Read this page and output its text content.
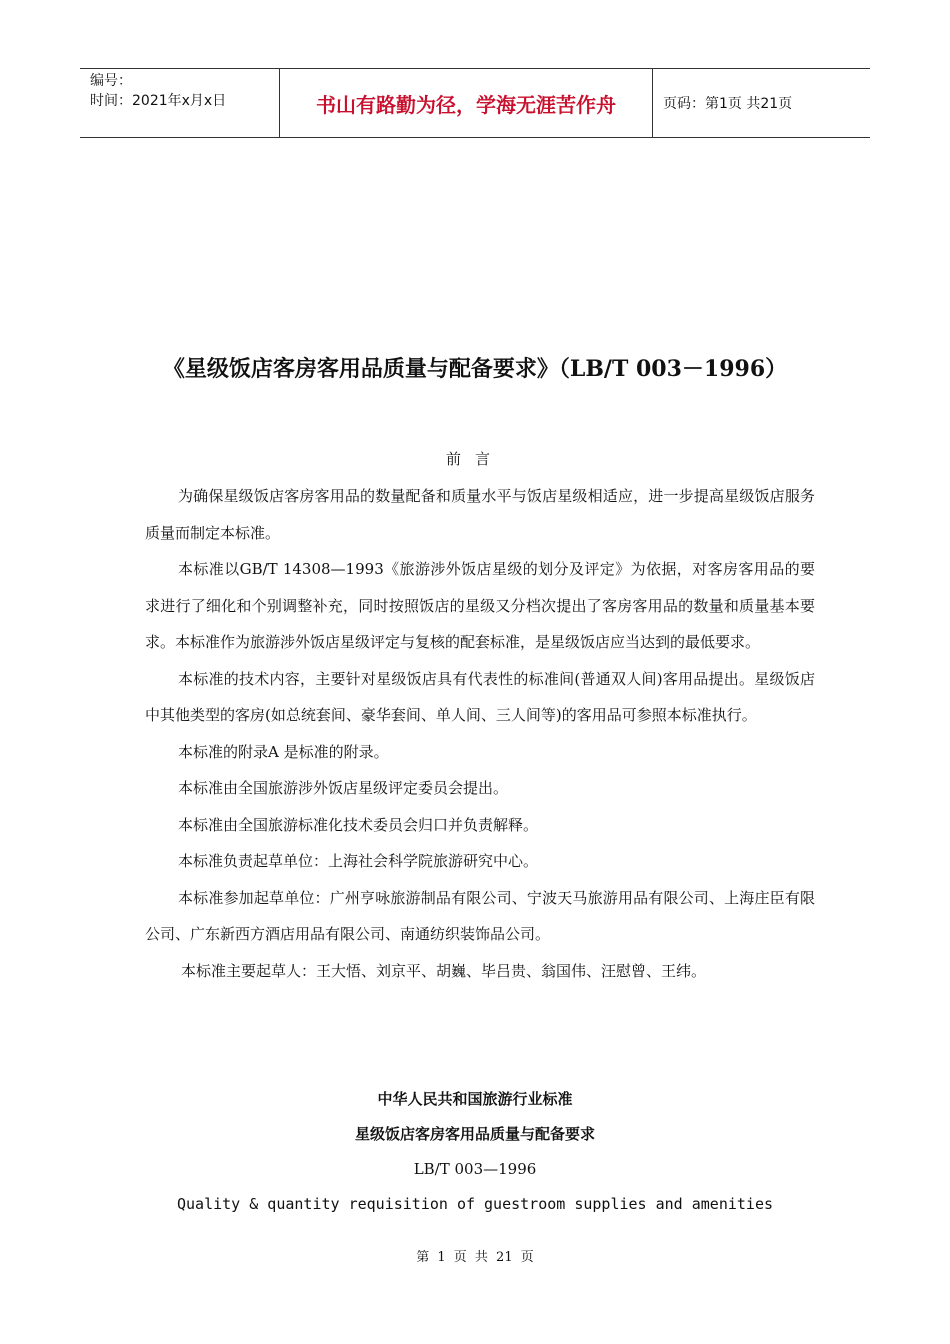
编号：
时间：2021年x月x日	书山有路勤为径，学海无涯苦作舟	页码：第1页 共21页
《星级饭店客房客用品质量与配备要求》（LB/T 003－1996）
前言

为确保星级饭店客房客用品的数量配备和质量水平与饭店星级相适应，进一步提高星级饭店服务质量而制定本标准。

本标准以GB/T 14308—1993《旅游涉外饭店星级的划分及评定》为依据，对客房客用品的要求进行了细化和个别调整补充，同时按照饭店的星级又分档次提出了客房客用品的数量和质量基本要求。本标准作为旅游涉外饭店星级评定与复核的配套标准，是星级饭店应当达到的最低要求。

本标准的技术内容，主要针对星级饭店具有代表性的标准间(普通双人间)客用品提出。星级饭店中其他类型的客房(如总统套间、豪华套间、单人间、三人间等)的客用品可参照本标准执行。

本标准的附录A 是标准的附录。

本标准由全国旅游涉外饭店星级评定委员会提出。

本标准由全国旅游标准化技术委员会归口并负责解释。

本标准负责起草单位：上海社会科学院旅游研究中心。

本标准参加起草单位：广州亨咏旅游制品有限公司、宁波天马旅游用品有限公司、上海庄臣有限公司、广东新西方酒店用品有限公司、南通纺织装饰品公司。

本标准主要起草人：王大悟、刘京平、胡巍、毕吕贵、翁国伟、汪慰曾、王纬。

中华人民共和国旅游行业标准
星级饭店客房客用品质量与配备要求
LB/T 003—1996
Quality & quantity requisition of guestroom supplies and amenities
第 1 页 共 21 页
